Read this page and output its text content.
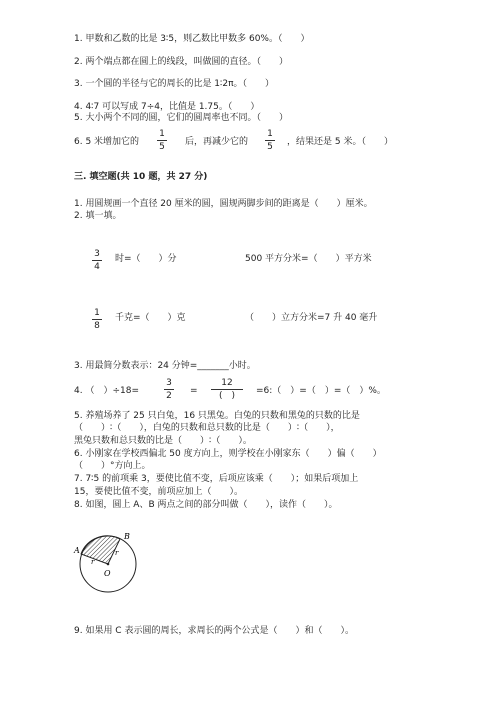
1. 甲数和乙数的比是 3∶5，则乙数比甲数多 60%。（　　）
2. 两个端点都在圆上的线段，叫做圆的直径。（　　）
3. 一个圆的半径与它的周长的比是 1∶2π。（　　）
4. 4∶7 可以写成 7÷4，比值是 1.75。（　　）
5. 大小两个不同的圆，它们的圆周率也不同。（　　）
6. 5 米增加它的
1
5 后，再减少它的
1
5 ，结果还是 5 米。（　　）
三. 填空题(共 10 题，共 27 分)
1. 用圆规画一个直径 20 厘米的圆，圆规两脚步间的距离是（　　）厘米。
2. 填一填。
3
4
时=（　　）分	500 平方分米=（　　）平方米
1
8
千克=（　　）克	（　　）立方分米=7 升 40 毫升
3. 用最简分数表示：24 分钟=_______小时。
4. （　）÷18=
3
2 =
12
(　)	=6:（　）=（　）=（　）%。
5. 养殖场养了 25 只白兔，16 只黑兔。白兔的只数和黑兔的只数的比是
（　　）∶（　　），白兔的只数和总只数的比是（　　）∶（　　），
黑兔只数和总只数的比是（　　）∶（　　）。
6. 小刚家在学校西偏北 50 度方向上，则学校在小刚家东（　　）偏（　　）
（　　）°方向上。
7. 7∶5 的前项乘 3，要使比值不变，后项应该乘（　　）；如果后项加上
15，要使比值不变，前项应加上（　　）。
8. 如图，圆上 A、B 两点之间的部分叫做（　　），读作（　　）。
A
B
O
r
r
9. 如果用 C 表示圆的周长，求周长的两个公式是（　　）和（　　）。
